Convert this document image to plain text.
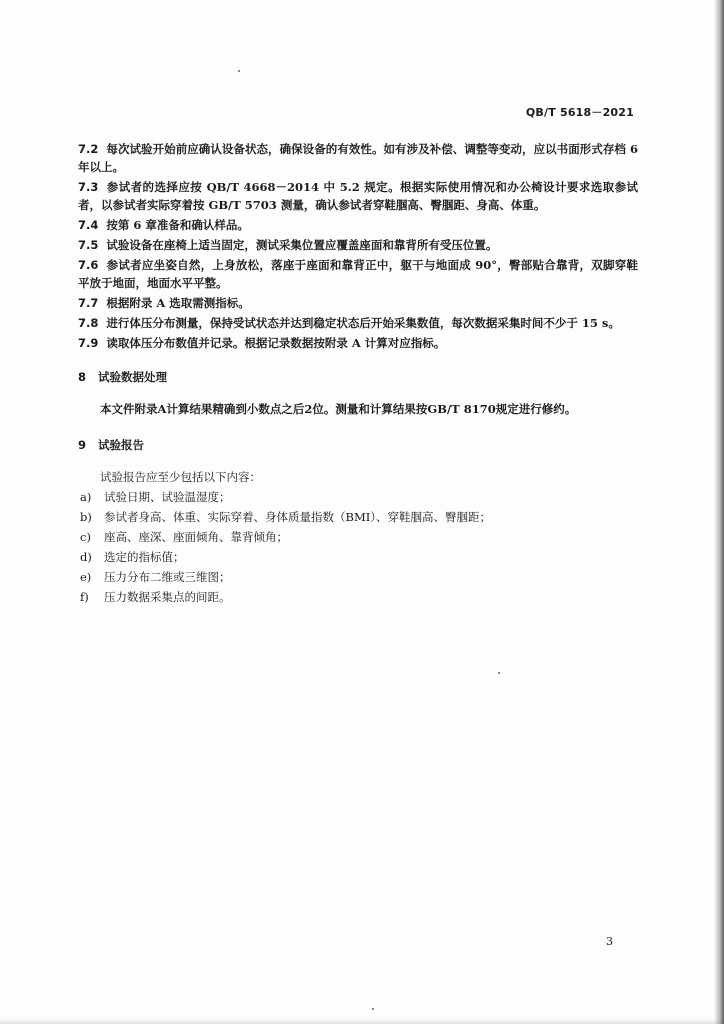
QB/T 5618－2021

7.2 每次试验开始前应确认设备状态，确保设备的有效性。如有涉及补偿、调整等变动，应以书面形式存档 6 年以上。

7.3 参试者的选择应按 QB/T 4668－2014 中 5.2 规定。根据实际使用情况和办公椅设计要求选取参试者，以参试者实际穿着按 GB/T 5703 测量，确认参试者穿鞋腘高、臀腘距、身高、体重。

7.4 按第 6 章准备和确认样品。

7.5 试验设备在座椅上适当固定，测试采集位置应覆盖座面和靠背所有受压位置。

7.6 参试者应坐姿自然，上身放松，落座于座面和靠背正中，躯干与地面成 90°，臀部贴合靠背，双脚穿鞋平放于地面，地面水平平整。

7.7 根据附录 A 选取需测指标。

7.8 进行体压分布测量，保持受试状态并达到稳定状态后开始采集数值，每次数据采集时间不少于 15 s。

7.9 读取体压分布数值并记录。根据记录数据按附录 A 计算对应指标。

8 试验数据处理

本文件附录A计算结果精确到小数点之后2位。测量和计算结果按GB/T 8170规定进行修约。

9 试验报告

试验报告应至少包括以下内容：

a)	试验日期、试验温湿度；
b)	参试者身高、体重、实际穿着、身体质量指数（BMI）、穿鞋腘高、臀腘距；
c)	座高、座深、座面倾角、靠背倾角；
d)	选定的指标值；
e)	压力分布二维或三维图；
f)	压力数据采集点的间距。
3
